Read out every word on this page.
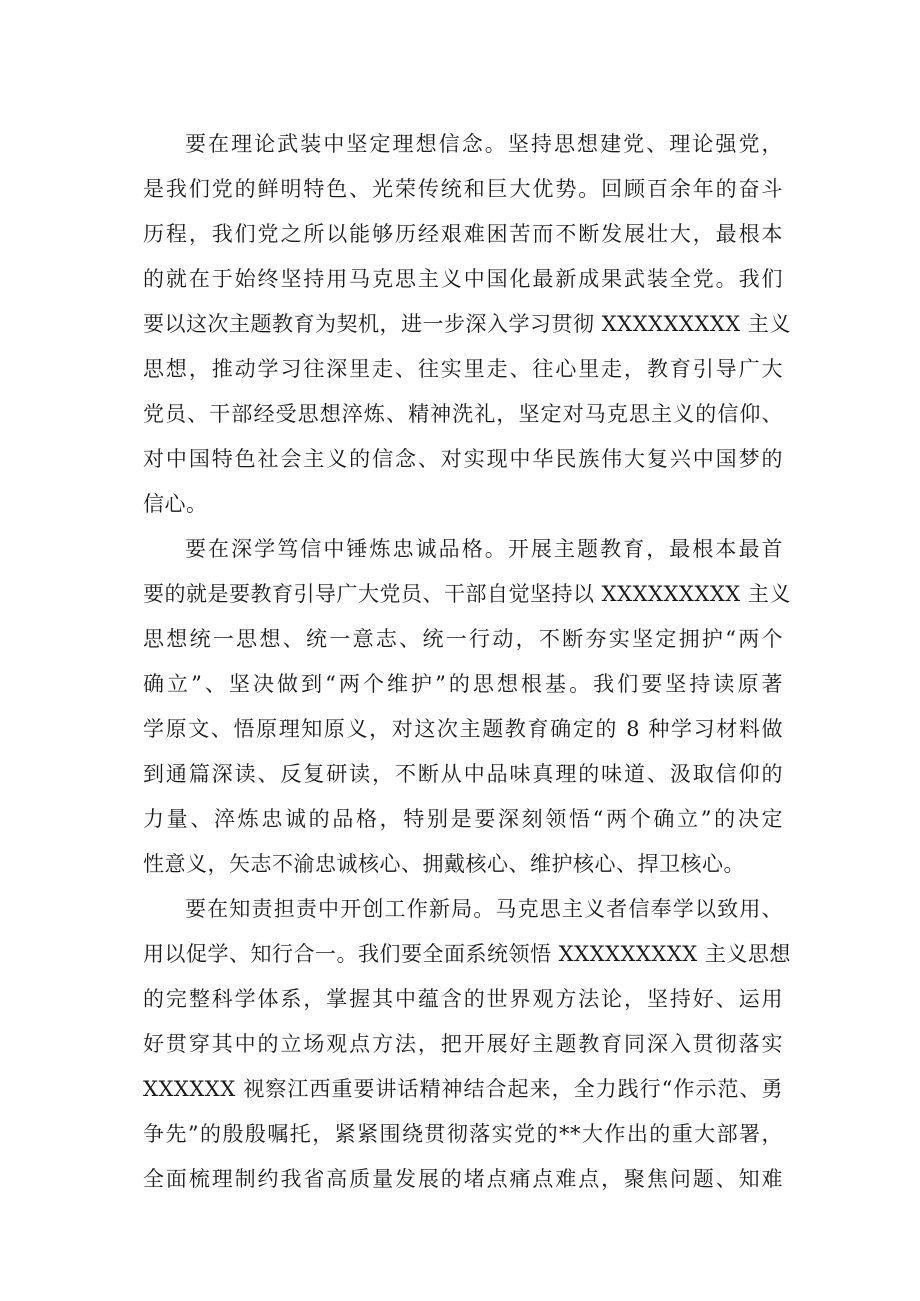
要在理论武装中坚定理想信念。坚持思想建党、理论强党，
是我们党的鲜明特色、光荣传统和巨大优势。回顾百余年的奋斗
历程，我们党之所以能够历经艰难困苦而不断发展壮大，最根本
的就在于始终坚持用马克思主义中国化最新成果武装全党。我们
要以这次主题教育为契机，进一步深入学习贯彻 XXXXXXXXX 主义
思想，推动学习往深里走、往实里走、往心里走，教育引导广大
党员、干部经受思想淬炼、精神洗礼，坚定对马克思主义的信仰、
对中国特色社会主义的信念、对实现中华民族伟大复兴中国梦的
信心。
要在深学笃信中锤炼忠诚品格。开展主题教育，最根本最首
要的就是要教育引导广大党员、干部自觉坚持以 XXXXXXXXX 主义
思想统一思想、统一意志、统一行动，不断夯实坚定拥护“两个
确立”、坚决做到“两个维护”的思想根基。我们要坚持读原著
学原文、悟原理知原义，对这次主题教育确定的 8 种学习材料做
到通篇深读、反复研读，不断从中品味真理的味道、汲取信仰的
力量、淬炼忠诚的品格，特别是要深刻领悟“两个确立”的决定
性意义，矢志不渝忠诚核心、拥戴核心、维护核心、捍卫核心。
要在知责担责中开创工作新局。马克思主义者信奉学以致用、
用以促学、知行合一。我们要全面系统领悟 XXXXXXXXX 主义思想
的完整科学体系，掌握其中蕴含的世界观方法论，坚持好、运用
好贯穿其中的立场观点方法，把开展好主题教育同深入贯彻落实
XXXXXX 视察江西重要讲话精神结合起来，全力践行“作示范、勇
争先”的殷殷嘱托，紧紧围绕贯彻落实党的**大作出的重大部署，
全面梳理制约我省高质量发展的堵点痛点难点，聚焦问题、知难
